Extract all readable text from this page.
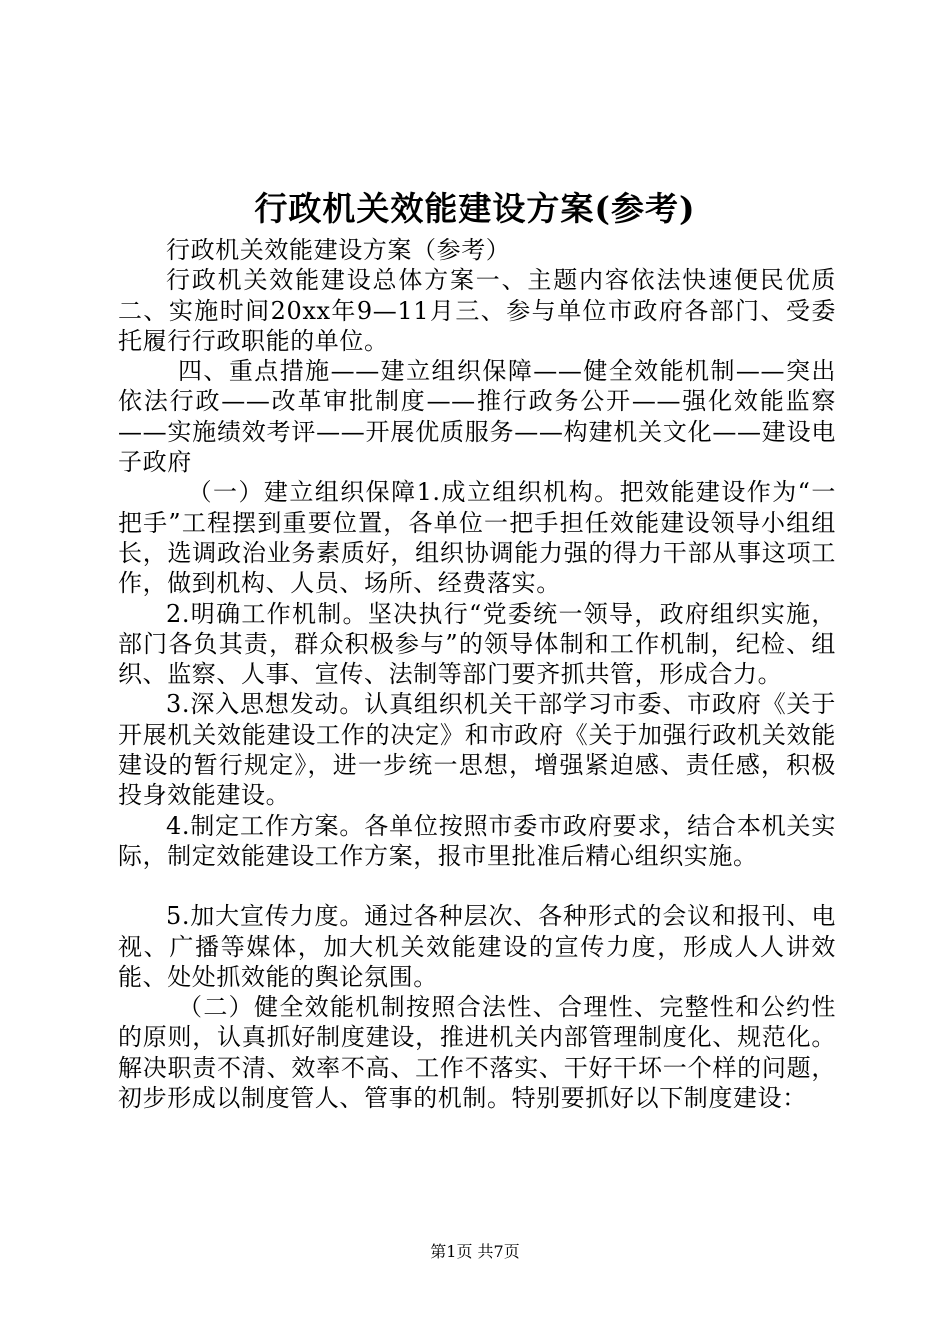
行政机关效能建设方案(参考)

行政机关效能建设方案（参考）

行政机关效能建设总体方案一、主题内容依法快速便民优质二、实施时间20xx年9—11月三、参与单位市政府各部门、受委托履行行政职能的单位。

四、重点措施——建立组织保障——健全效能机制——突出依法行政——改革审批制度——推行政务公开——强化效能监察——实施绩效考评——开展优质服务——构建机关文化——建设电子政府

（一）建立组织保障1.成立组织机构。把效能建设作为“一把手”工程摆到重要位置，各单位一把手担任效能建设领导小组组长，选调政治业务素质好，组织协调能力强的得力干部从事这项工作，做到机构、人员、场所、经费落实。

2.明确工作机制。坚决执行“党委统一领导，政府组织实施，部门各负其责，群众积极参与”的领导体制和工作机制，纪检、组织、监察、人事、宣传、法制等部门要齐抓共管，形成合力。

3.深入思想发动。认真组织机关干部学习市委、市政府《关于开展机关效能建设工作的决定》和市政府《关于加强行政机关效能建设的暂行规定》，进一步统一思想，增强紧迫感、责任感，积极投身效能建设。

4.制定工作方案。各单位按照市委市政府要求，结合本机关实际，制定效能建设工作方案，报市里批准后精心组织实施。

5.加大宣传力度。通过各种层次、各种形式的会议和报刊、电视、广播等媒体，加大机关效能建设的宣传力度，形成人人讲效能、处处抓效能的舆论氛围。

（二）健全效能机制按照合法性、合理性、完整性和公约性的原则，认真抓好制度建设，推进机关内部管理制度化、规范化。解决职责不清、效率不高、工作不落实、干好干坏一个样的问题，初步形成以制度管人、管事的机制。特别要抓好以下制度建设：

第1页 共7页
